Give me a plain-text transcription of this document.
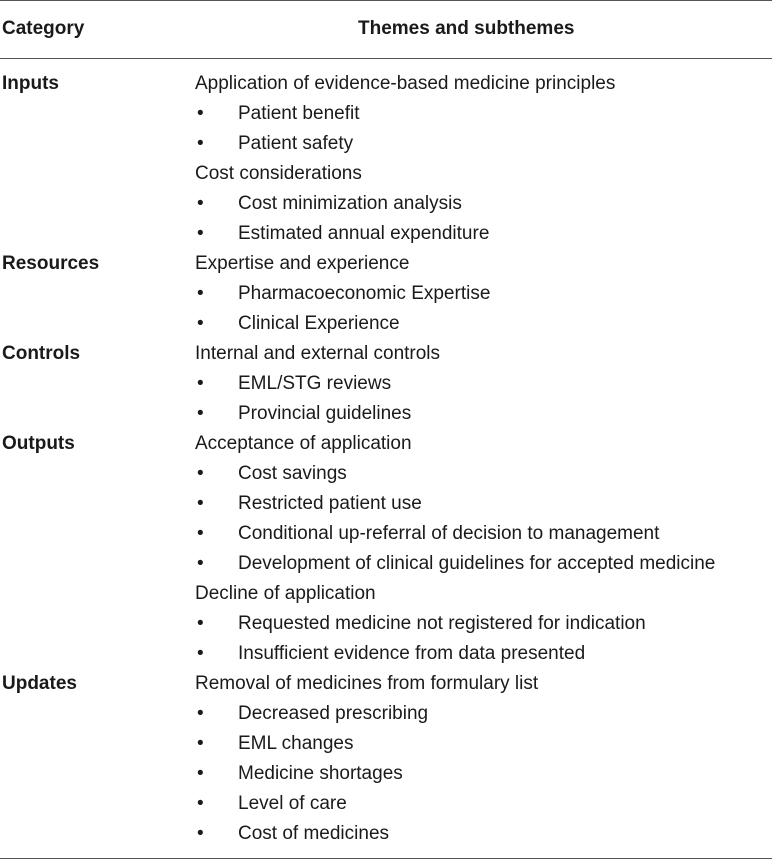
Category	Themes and subthemes
Inputs	Application of evidence-based medicine principles
• Patient benefit
• Patient safety
Cost considerations
• Cost minimization analysis
• Estimated annual expenditure
Resources	Expertise and experience
• Pharmacoeconomic Expertise
• Clinical Experience
Controls	Internal and external controls
• EML/STG reviews
• Provincial guidelines
Outputs	Acceptance of application
• Cost savings
• Restricted patient use
• Conditional up-referral of decision to management
• Development of clinical guidelines for accepted medicine
Decline of application
• Requested medicine not registered for indication
• Insufficient evidence from data presented
Updates	Removal of medicines from formulary list
• Decreased prescribing
• EML changes
• Medicine shortages
• Level of care
• Cost of medicines
